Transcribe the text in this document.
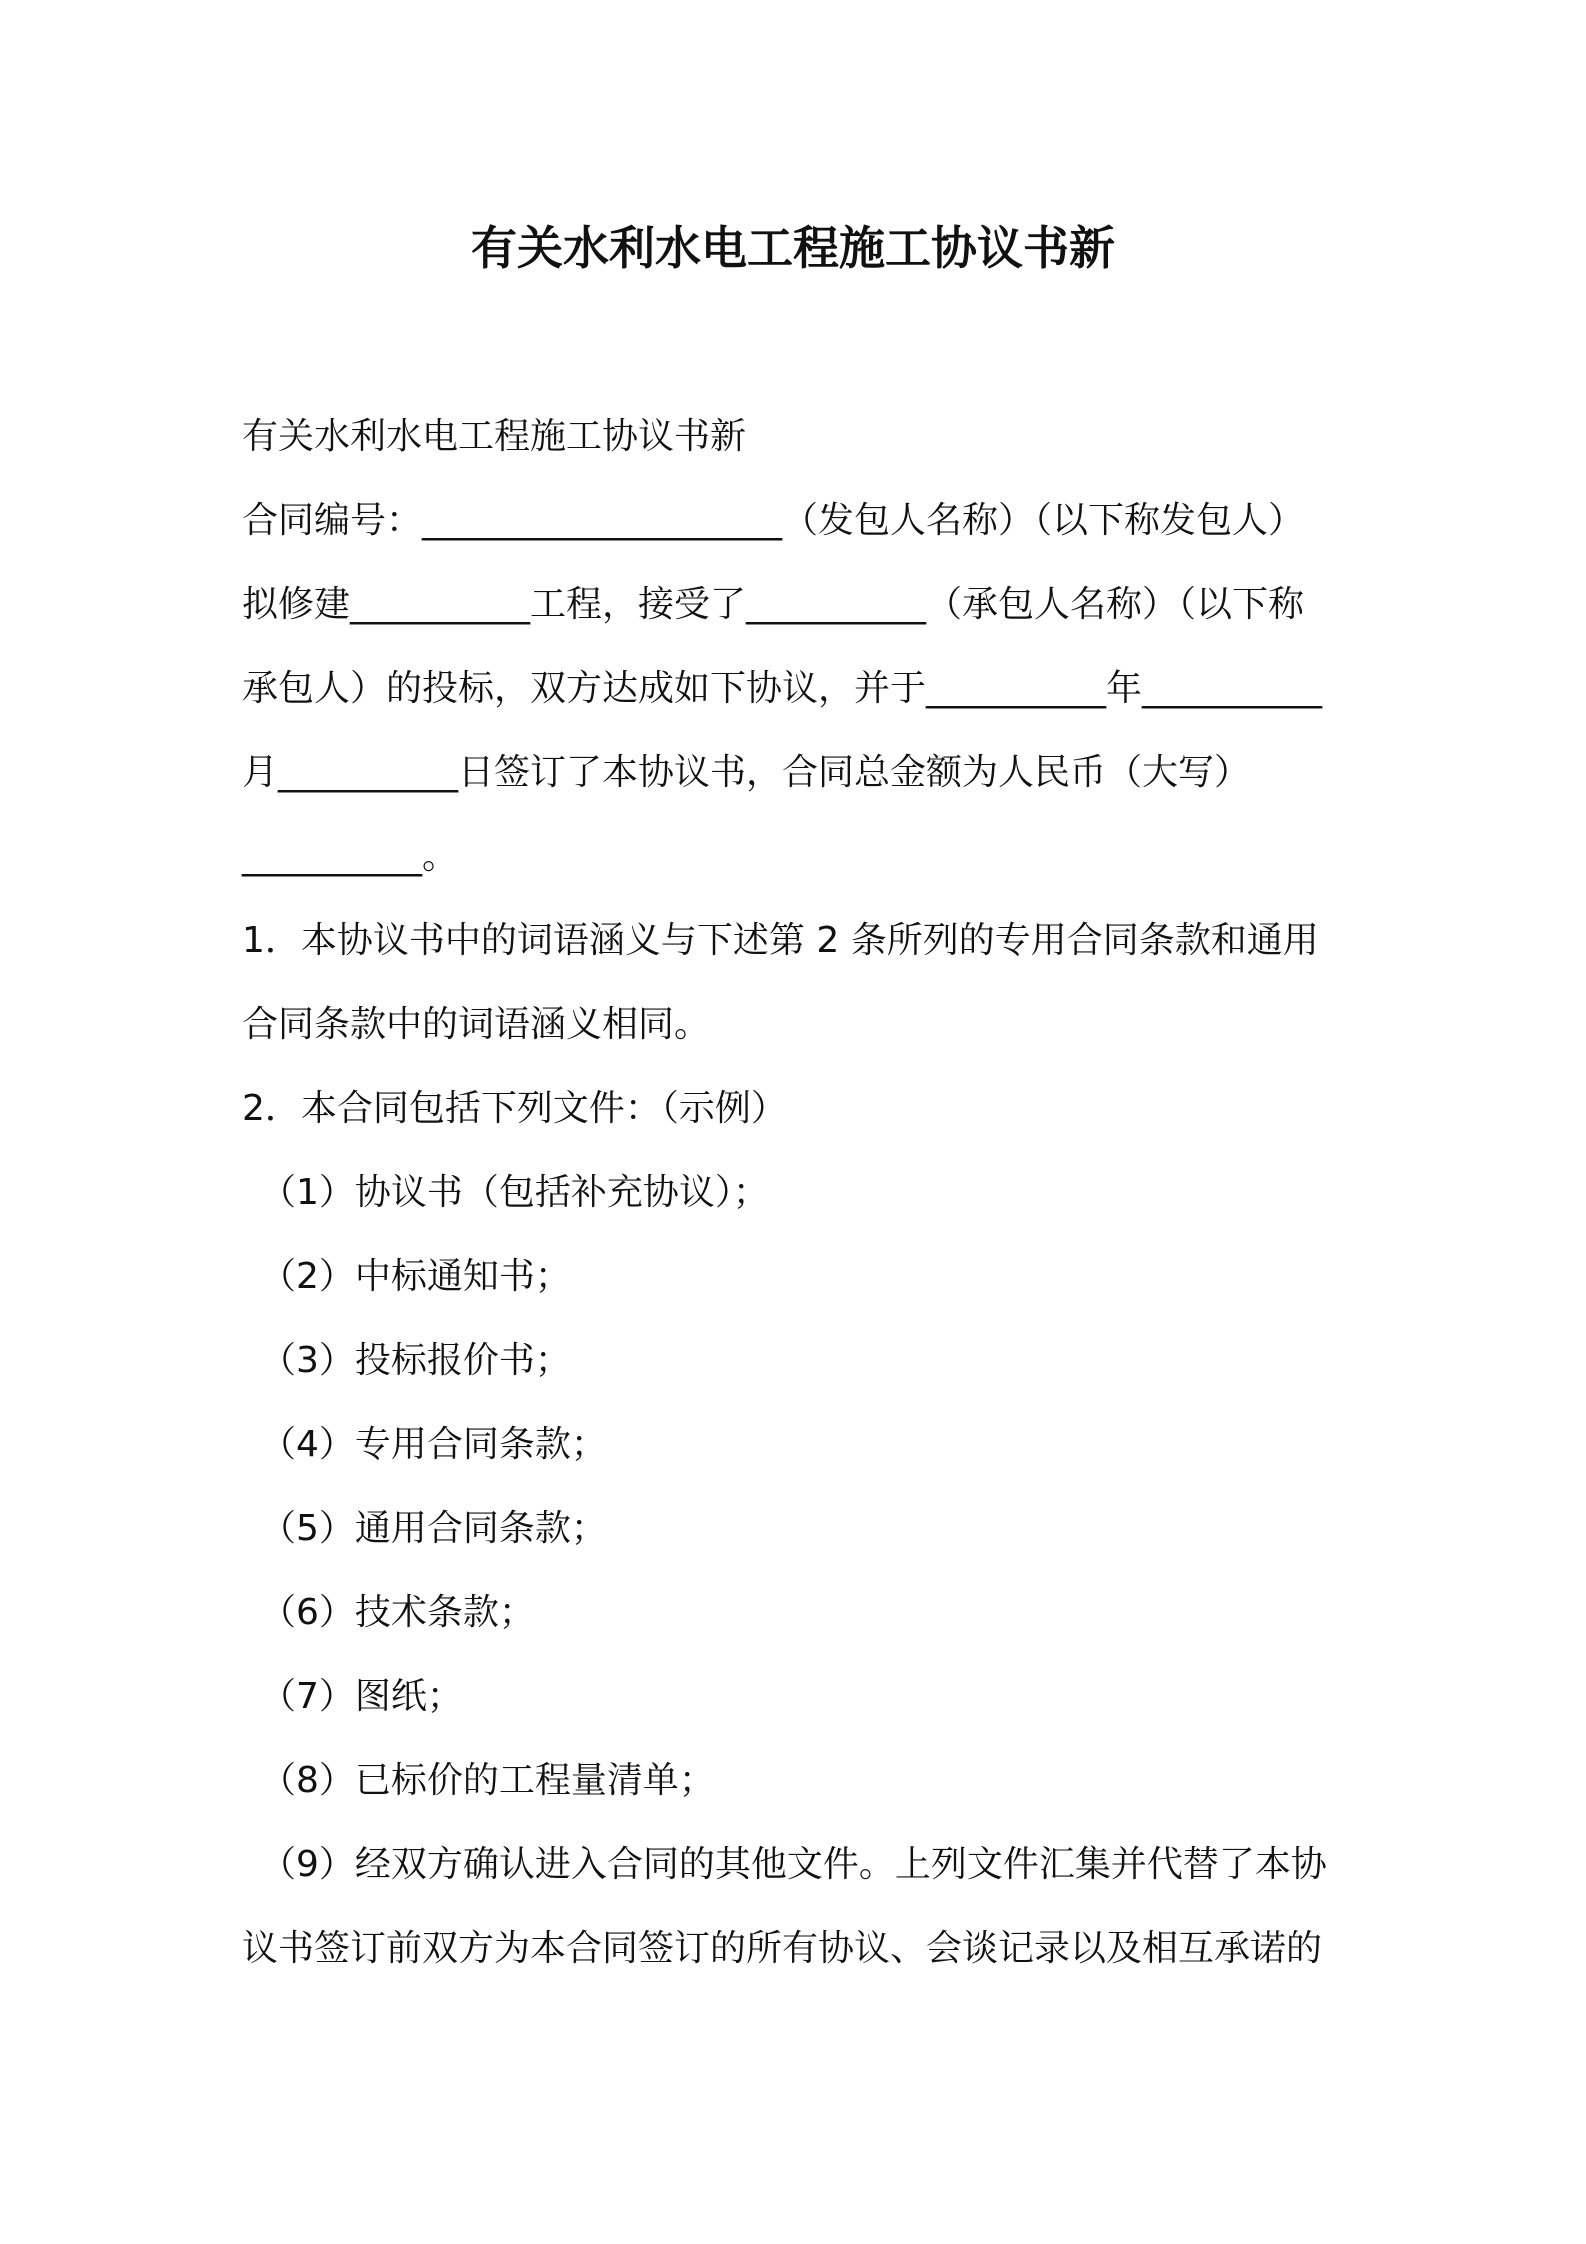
有关水利水电工程施工协议书新
有关水利水电工程施工协议书新
合同编号：____________________（发包人名称）（以下称发包人）
拟修建__________工程，接受了__________（承包人名称）（以下称
承包人）的投标，双方达成如下协议，并于__________年__________
月__________日签订了本协议书，合同总金额为人民币（大写）
__________。
1．本协议书中的词语涵义与下述第 2 条所列的专用合同条款和通用
合同条款中的词语涵义相同。
2．本合同包括下列文件：（示例）
（1）协议书（包括补充协议）；
（2）中标通知书；
（3）投标报价书；
（4）专用合同条款；
（5）通用合同条款；
（6）技术条款；
（7）图纸；
（8）已标价的工程量清单；
（9）经双方确认进入合同的其他文件。上列文件汇集并代替了本协
议书签订前双方为本合同签订的所有协议、会谈记录以及相互承诺的
